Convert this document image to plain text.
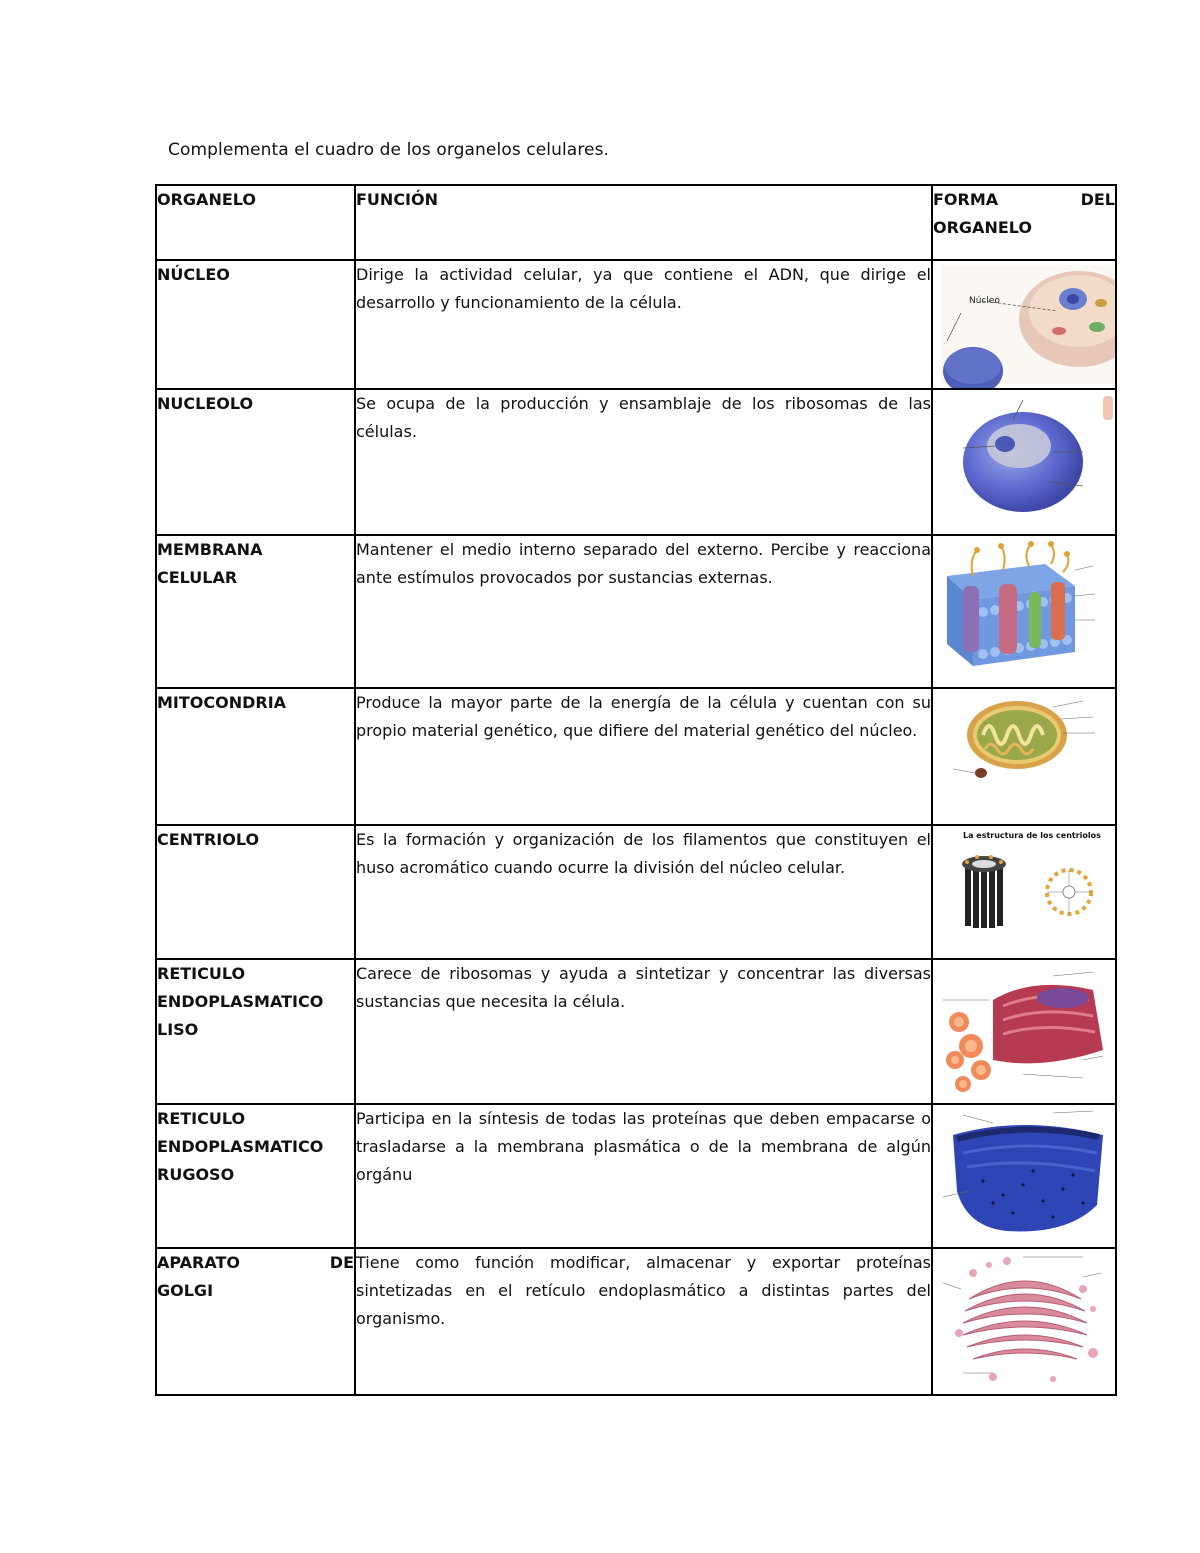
Complementa el cuadro de los organelos celulares.
ORGANELO	FUNCIÓN	FORMA DEL
ORGANELO

NÚCLEO	Dirige la actividad celular, ya que contiene el ADN, que dirige el desarrollo y funcionamiento de la célula.	Núcleo

NUCLEOLO	Se ocupa de la producción y ensamblaje de los ribosomas de las células.	

MEMBRANA
CELULAR	Mantener el medio interno separado del externo. Percibe y reacciona ante estímulos provocados por sustancias externas.	

MITOCONDRIA	Produce la mayor parte de la energía de la célula y cuentan con su propio material genético, que difiere del material genético del núcleo.	

CENTRIOLO	Es la formación y organización de los filamentos que constituyen el huso acromático cuando ocurre la división del núcleo celular.	La estructura de los centriolos

RETICULO
ENDOPLASMATICO
LISO	Carece de ribosomas y ayuda a sintetizar y concentrar las diversas sustancias que necesita la célula.	

RETICULO
ENDOPLASMATICO
RUGOSO	Participa en la síntesis de todas las proteínas que deben empacarse o trasladarse a la membrana plasmática o de la membrana de algún orgánu	

APARATO DE
GOLGI	Tiene como función modificar, almacenar y exportar proteínas sintetizadas en el retículo endoplasmático a distintas partes del organismo.	
